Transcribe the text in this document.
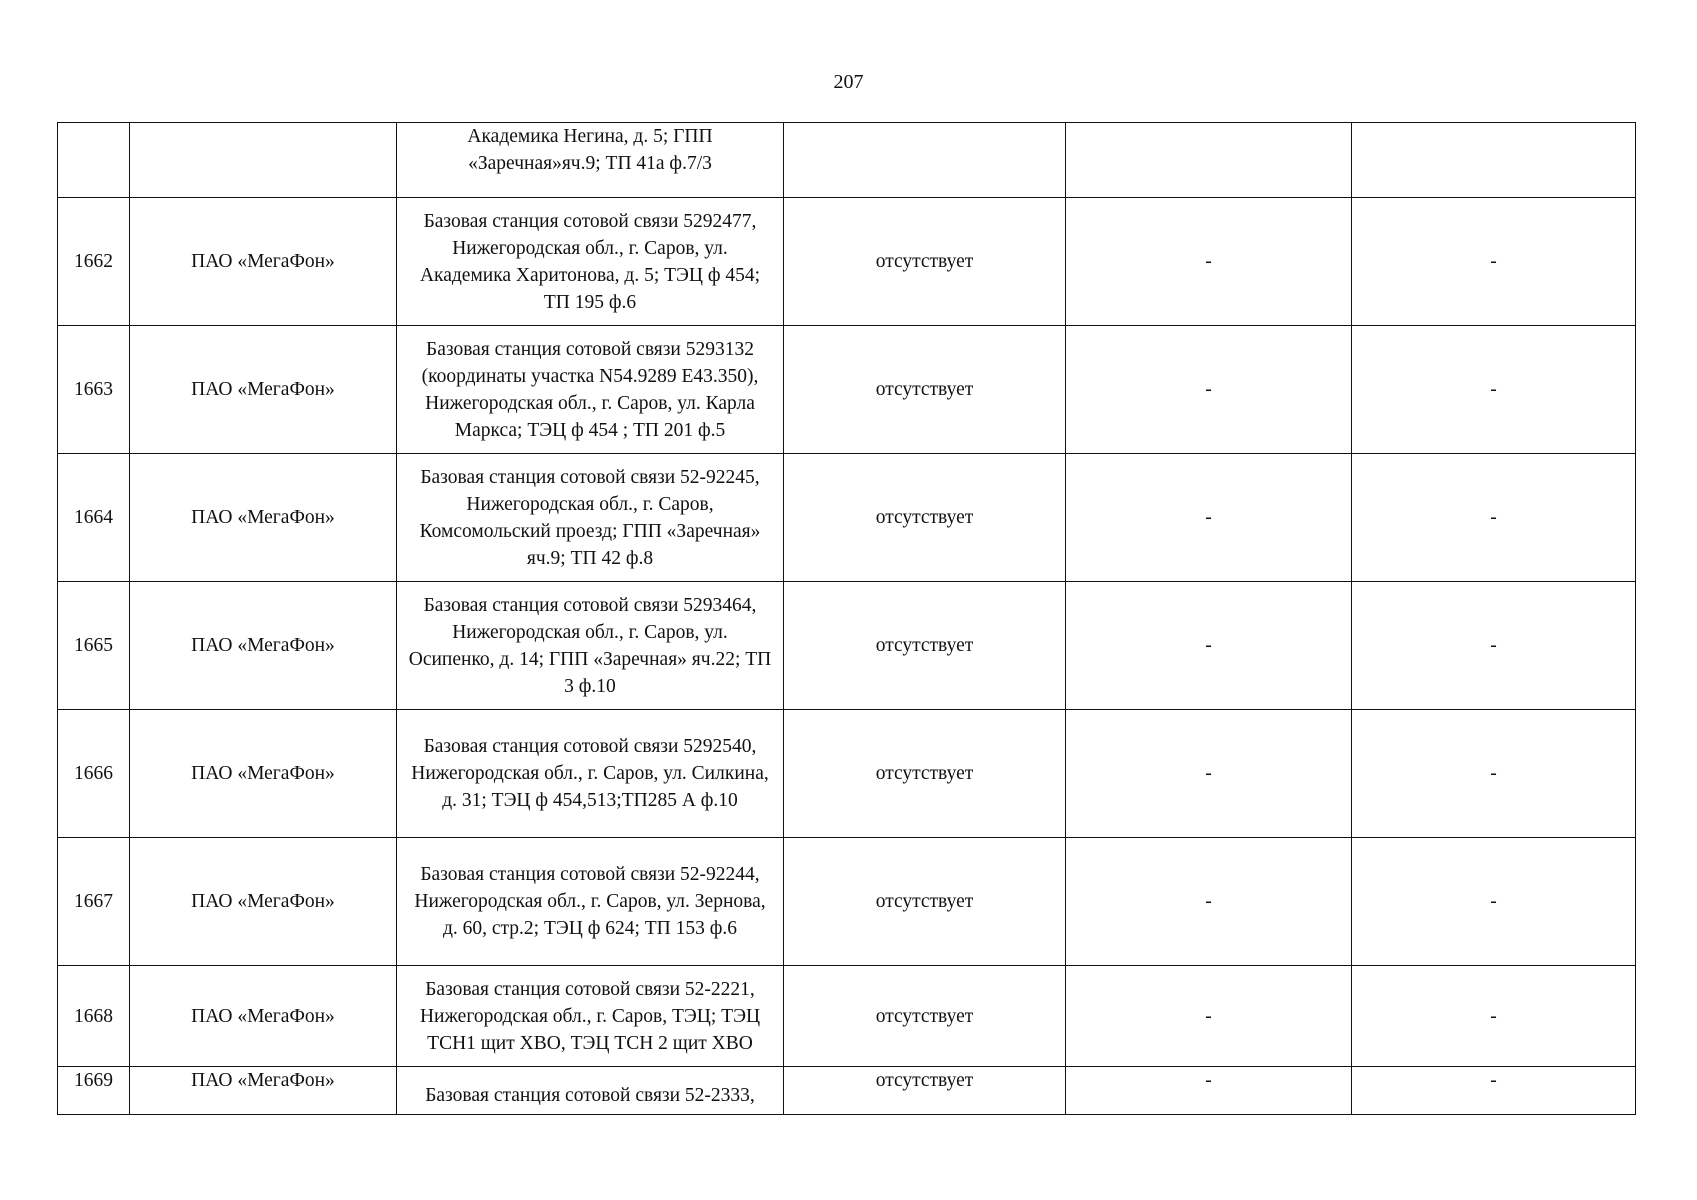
207
		Академика Негина, д. 5; ГПП «Заречная»яч.9; ТП 41а ф.7/3			
1662	ПАО «МегаФон»	Базовая станция сотовой связи 5292477, Нижегородская обл., г. Саров, ул. Академика Харитонова, д. 5; ТЭЦ ф 454; ТП 195 ф.6	отсутствует	-	-
1663	ПАО «МегаФон»	Базовая станция сотовой связи 5293132 (координаты участка N54.9289 E43.350), Нижегородская обл., г. Саров, ул. Карла Маркса; ТЭЦ ф 454 ; ТП 201 ф.5	отсутствует	-	-
1664	ПАО «МегаФон»	Базовая станция сотовой связи 52-92245, Нижегородская обл., г. Саров, Комсомольский проезд; ГПП «Заречная» яч.9; ТП 42 ф.8	отсутствует	-	-
1665	ПАО «МегаФон»	Базовая станция сотовой связи 5293464, Нижегородская обл., г. Саров, ул. Осипенко, д. 14; ГПП «Заречная» яч.22; ТП 3 ф.10	отсутствует	-	-
1666	ПАО «МегаФон»	Базовая станция сотовой связи 5292540, Нижегородская обл., г. Саров, ул. Силкина, д. 31; ТЭЦ ф 454,513;ТП285 А ф.10	отсутствует	-	-
1667	ПАО «МегаФон»	Базовая станция сотовой связи 52-92244, Нижегородская обл., г. Саров, ул. Зернова, д. 60, стр.2; ТЭЦ ф 624; ТП 153 ф.6	отсутствует	-	-
1668	ПАО «МегаФон»	Базовая станция сотовой связи 52-2221, Нижегородская обл., г. Саров, ТЭЦ; ТЭЦ ТСН1 щит ХВО, ТЭЦ ТСН 2 щит ХВО	отсутствует	-	-
1669	ПАО «МегаФон»	Базовая станция сотовой связи 52-2333,	отсутствует	-	-
